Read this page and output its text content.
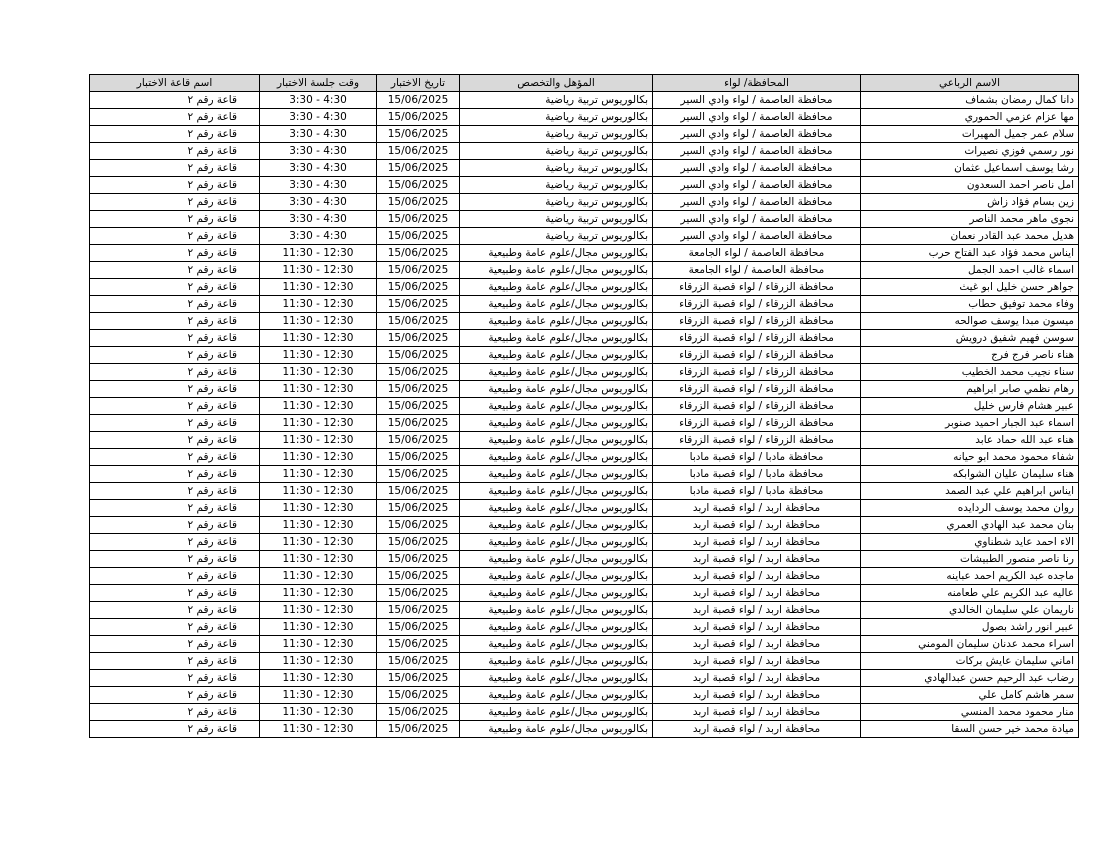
الاسم الرباعي	المحافظة/ لواء	المؤهل والتخصص	تاريخ الاختبار	وقت جلسة الاختبار	اسم قاعة الاختبار
دانا كمال رمضان بشماف	محافظة العاصمة / لواء وادي السير	بكالوريوس تربية رياضية	15/06/2025	3:30 - 4:30	قاعة رقم ٢
مها عزام عزمي الحموري	محافظة العاصمة / لواء وادي السير	بكالوريوس تربية رياضية	15/06/2025	3:30 - 4:30	قاعة رقم ٢
سلام عمر جميل المهيرات	محافظة العاصمة / لواء وادي السير	بكالوريوس تربية رياضية	15/06/2025	3:30 - 4:30	قاعة رقم ٢
نور رسمي فوزي نصيرات	محافظة العاصمة / لواء وادي السير	بكالوريوس تربية رياضية	15/06/2025	3:30 - 4:30	قاعة رقم ٢
رشا يوسف اسماعيل عثمان	محافظة العاصمة / لواء وادي السير	بكالوريوس تربية رياضية	15/06/2025	3:30 - 4:30	قاعة رقم ٢
امل ناصر احمد السعدون	محافظة العاصمة / لواء وادي السير	بكالوريوس تربية رياضية	15/06/2025	3:30 - 4:30	قاعة رقم ٢
زين بسام فؤاد زاش	محافظة العاصمة / لواء وادي السير	بكالوريوس تربية رياضية	15/06/2025	3:30 - 4:30	قاعة رقم ٢
نجوى ماهر محمد الناصر	محافظة العاصمة / لواء وادي السير	بكالوريوس تربية رياضية	15/06/2025	3:30 - 4:30	قاعة رقم ٢
هديل محمد عبد القادر نعمان	محافظة العاصمة / لواء وادي السير	بكالوريوس تربية رياضية	15/06/2025	3:30 - 4:30	قاعة رقم ٢
ايناس محمد فؤاد عبد الفتاح حرب	محافظة العاصمة / لواء الجامعة	بكالوريوس مجال/علوم عامة وطبيعية	15/06/2025	11:30 - 12:30	قاعة رقم ٢
اسماء غالب احمد الجمل	محافظة العاصمة / لواء الجامعة	بكالوريوس مجال/علوم عامة وطبيعية	15/06/2025	11:30 - 12:30	قاعة رقم ٢
جواهر حسن خليل ابو غيث	محافظة الزرقاء / لواء قصبة الزرقاء	بكالوريوس مجال/علوم عامة وطبيعية	15/06/2025	11:30 - 12:30	قاعة رقم ٢
وفاء محمد توفيق حطاب	محافظة الزرقاء / لواء قصبة الزرقاء	بكالوريوس مجال/علوم عامة وطبيعية	15/06/2025	11:30 - 12:30	قاعة رقم ٢
ميسون مبدا يوسف صوالحه	محافظة الزرقاء / لواء قصبة الزرقاء	بكالوريوس مجال/علوم عامة وطبيعية	15/06/2025	11:30 - 12:30	قاعة رقم ٢
سوسن فهيم شفيق درويش	محافظة الزرقاء / لواء قصبة الزرقاء	بكالوريوس مجال/علوم عامة وطبيعية	15/06/2025	11:30 - 12:30	قاعة رقم ٢
هناء ناصر فرج فرج	محافظة الزرقاء / لواء قصبة الزرقاء	بكالوريوس مجال/علوم عامة وطبيعية	15/06/2025	11:30 - 12:30	قاعة رقم ٢
سناء نجيب محمد الخطيب	محافظة الزرقاء / لواء قصبة الزرقاء	بكالوريوس مجال/علوم عامة وطبيعية	15/06/2025	11:30 - 12:30	قاعة رقم ٢
رهام نظمي صابر ابراهيم	محافظة الزرقاء / لواء قصبة الزرقاء	بكالوريوس مجال/علوم عامة وطبيعية	15/06/2025	11:30 - 12:30	قاعة رقم ٢
عبير هشام فارس خليل	محافظة الزرقاء / لواء قصبة الزرقاء	بكالوريوس مجال/علوم عامة وطبيعية	15/06/2025	11:30 - 12:30	قاعة رقم ٢
اسماء عبد الجبار احميد صنوبر	محافظة الزرقاء / لواء قصبة الزرقاء	بكالوريوس مجال/علوم عامة وطبيعية	15/06/2025	11:30 - 12:30	قاعة رقم ٢
هناء عبد الله حماد عابد	محافظة الزرقاء / لواء قصبة الزرقاء	بكالوريوس مجال/علوم عامة وطبيعية	15/06/2025	11:30 - 12:30	قاعة رقم ٢
شفاء محمود محمد ابو حيانه	محافظة مادبا / لواء قصبة مادبا	بكالوريوس مجال/علوم عامة وطبيعية	15/06/2025	11:30 - 12:30	قاعة رقم ٢
هناء سليمان عليان الشوابكه	محافظة مادبا / لواء قصبة مادبا	بكالوريوس مجال/علوم عامة وطبيعية	15/06/2025	11:30 - 12:30	قاعة رقم ٢
ايناس ابراهيم علي عبد الصمد	محافظة مادبا / لواء قصبة مادبا	بكالوريوس مجال/علوم عامة وطبيعية	15/06/2025	11:30 - 12:30	قاعة رقم ٢
روان محمد يوسف الردايده	محافظة اربد / لواء قصبة اربد	بكالوريوس مجال/علوم عامة وطبيعية	15/06/2025	11:30 - 12:30	قاعة رقم ٢
بنان محمد عبد الهادي العمري	محافظة اربد / لواء قصبة اربد	بكالوريوس مجال/علوم عامة وطبيعية	15/06/2025	11:30 - 12:30	قاعة رقم ٢
الاء احمد عايد شطناوي	محافظة اربد / لواء قصبة اربد	بكالوريوس مجال/علوم عامة وطبيعية	15/06/2025	11:30 - 12:30	قاعة رقم ٢
رنا ناصر منصور الطبيشات	محافظة اربد / لواء قصبة اربد	بكالوريوس مجال/علوم عامة وطبيعية	15/06/2025	11:30 - 12:30	قاعة رقم ٢
ماجده عبد الكريم احمد عباينه	محافظة اربد / لواء قصبة اربد	بكالوريوس مجال/علوم عامة وطبيعية	15/06/2025	11:30 - 12:30	قاعة رقم ٢
عاليه عبد الكريم علي طعامنه	محافظة اربد / لواء قصبة اربد	بكالوريوس مجال/علوم عامة وطبيعية	15/06/2025	11:30 - 12:30	قاعة رقم ٢
ناريمان علي سليمان الخالدي	محافظة اربد / لواء قصبة اربد	بكالوريوس مجال/علوم عامة وطبيعية	15/06/2025	11:30 - 12:30	قاعة رقم ٢
عبير انور راشد بصول	محافظة اربد / لواء قصبة اربد	بكالوريوس مجال/علوم عامة وطبيعية	15/06/2025	11:30 - 12:30	قاعة رقم ٢
اسراء محمد عدنان سليمان المومني	محافظة اربد / لواء قصبة اربد	بكالوريوس مجال/علوم عامة وطبيعية	15/06/2025	11:30 - 12:30	قاعة رقم ٢
اماني سليمان عايش بركات	محافظة اربد / لواء قصبة اربد	بكالوريوس مجال/علوم عامة وطبيعية	15/06/2025	11:30 - 12:30	قاعة رقم ٢
رضاب عبد الرحيم حسن عبدالهادي	محافظة اربد / لواء قصبة اربد	بكالوريوس مجال/علوم عامة وطبيعية	15/06/2025	11:30 - 12:30	قاعة رقم ٢
سمر هاشم كامل علي	محافظة اربد / لواء قصبة اربد	بكالوريوس مجال/علوم عامة وطبيعية	15/06/2025	11:30 - 12:30	قاعة رقم ٢
منار محمود محمد المنسي	محافظة اربد / لواء قصبة اربد	بكالوريوس مجال/علوم عامة وطبيعية	15/06/2025	11:30 - 12:30	قاعة رقم ٢
ميادة محمد خير حسن السقا	محافظة اربد / لواء قصبة اربد	بكالوريوس مجال/علوم عامة وطبيعية	15/06/2025	11:30 - 12:30	قاعة رقم ٢
